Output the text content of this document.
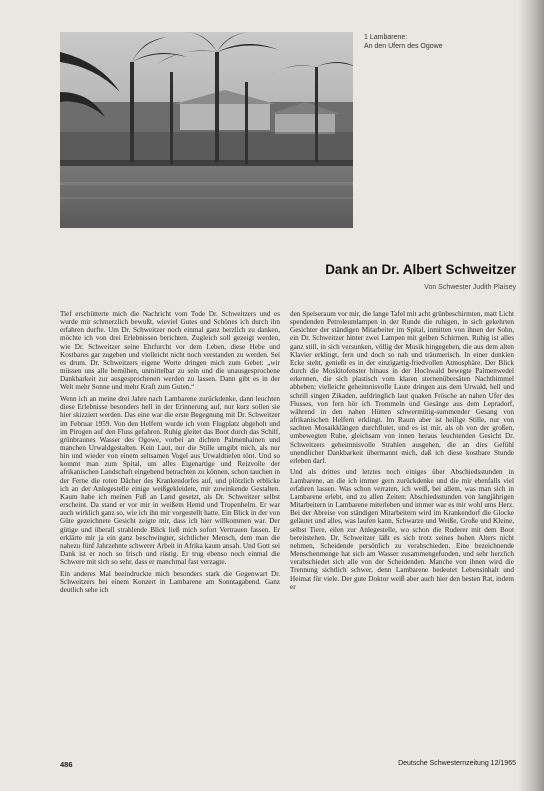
1 Lambarene:
An den Ufern des Ogowe
Dank an Dr. Albert Schweitzer
Von Schwester Judith Plaisey

Tief erschütterte mich die Nachricht vom Tode Dr. Schweitzers und es wurde mir schmerzlich bewußt, wieviel Gutes und Schönes ich durch ihn erfahren durfte. Um Dr. Schweitzer noch einmal ganz herzlich zu danken, möchte ich von drei Erlebnissen berichten. Zugleich soll gezeigt werden, wie Dr. Schweitzer seine Ehrfurcht vor dem Leben, diese Hebe und Kostbares gar zugeben und vielleicht nicht noch verstanden zu werden. Sei es drum. Dr. Schweitzers eigene Worte dringen mich zum Gebet: „wir müssen uns alle bemühen, unmittelbar zu sein und die unausgesprochene Dankbarkeit zur ausgesprochenen werden zu lassen. Dann gibt es in der Welt mehr Sonne und mehr Kraft zum Guten.“

Wenn ich an meine drei Jahre nach Lambarene zurückdenke, dann leuchten diese Erlebnisse besonders hell in der Erinnerung auf, nur kurz sollen sie hier skizziert werden. Das eine war die erste Begegnung mit Dr. Schweitzer im Februar 1959. Von den Helfern wurde ich vom Flugplatz abgeholt und im Pirogen auf den Fluss gefahren. Ruhig gleitet das Boot durch das Schilf, grünbraunes Wasser des Ogowe, vorbei an dichten Palmenhainen und manchen Urwaldgestalten. Kein Laut, nur die Stille umgibt mich, als nur hin und wieder von einem seltsamen Vogel aus Urwaldtiefen tönt. Und so kommt man zum Spital, um alles Eigenartige und Reizvolle der afrikanischen Landschaft eingehend betrachten zu können, schon tauchen in der Ferne die roten Dächer des Krankendorfes auf, und plötzlich erblicke ich an der Anlegestelle einige weißgekleidete, mir zuwinkende Gestalten. Kaum habe ich meinen Fuß an Land gesetzt, als Dr. Schweitzer selbst erscheint. Da stand er vor mir in weißem Hemd und Tropenhelm. Er war auch wirklich ganz so, wie ich ihn mir vorgestellt hatte. Ein Blick in der von Güte gezeichnete Gesicht zeigte mir, dass ich hier willkommen war. Der gütige und überall strahlende Blick ließ mich sofort Vertrauen fassen. Er erklärte mir ja ein ganz beschwingter, sichtlicher Mensch, dem man die nahezu fünf Jahrzehnte schwerer Arbeit in Afrika kaum ansah. Und Gott sei Dank ist er noch so frisch und rüstig. Er trug ebenso noch einmal die Schwere mit sich so sehr, dass er manchmal fast verzagte.

Ein anderes Mal beeindruckte mich besonders stark die Gegenwart Dr. Schweitzers bei einem Konzert in Lambarene am Sonntagabend. Ganz deutlich sehe ich

den Speiseraum vor mir, die lange Tafel mit acht grünbeschirmten, matt Licht spendenden Petroleumlampen in der Runde die ruhigen, in sich gekehrten Gesichter der ständigen Mitarbeiter im Spital, inmitten von ihnen der Sohn, ein Dr. Schweitzer hinter zwei Lampen mit gelben Schirmen. Ruhig ist alles ganz still, in sich versunken, völlig der Musik hingegeben, die aus dem alten Klavier erklingt, fern und doch so nah und träumerisch. In einer dunklen Ecke steht, genießt es in der einzigartig-friedvollen Atmosphäre. Der Blick durch die Moskitofenster hinaus in der Hochwald bewegte Palmenwedel erkennen, die sich plastisch vom klaren sternenübersäten Nachthimmel abheben; vielleicht geheimnisvolle Laute dringen aus dem Urwald, hell und schrill singen Zikaden, aufdringlich laut quaken Frösche an nahen Ufer des Flusses, von fern hör ich Trommeln und Gesänge aus dem Lepradorf, während in den nahen Hütten schwermütig-summender Gesang von afrikanischen Helfern erklingt. Im Raum aber ist heilige Stille, nur von sachten Mosaikklängen durchflutet, und es ist mir, als ob von der großen, umbewegten Ruhe, gleichsam von innen heraus leuchtenden Gesicht Dr. Schweitzers geheimnisvolle Strahlen ausgehen, die an dies Gefühl unendlicher Dankbarkeit übermannt mich, daß ich diese kostbare Stunde erleben darf.

Und als drittes und letztes noch einiges über Abschiedsstunden in Lambarene, an die ich immer gern zurückdenke und die mir ebenfalls viel erfahren lassen. Was schon verraten, ich weiß, bei allem, was man sich in Lambarene erlebt, und zu allen Zeiten: Abschiedsstunden von langjährigen Mitarbeitern in Lambarene miterleben und immer war es mir wohl ums Herz. Bei der Abreise von ständigen Mitarbeitern wird im Krankendorf die Glocke geläutet und alles, was laufen kann, Schwarze und Weiße, Große und Kleine, selbst Tiere, eilen zur Anlegestelle, wo schon die Ruderer mit dem Boot bereitstehen. Dr. Schweitzer läßt es sich trotz seines hohen Alters nicht nehmen, Scheidende persönlich zu verabschieden. Eine bezeichnende Menschenmenge hat sich am Wasser zusammengefunden, und sehr herzlich verabschiedet sich alle von der Scheidenden. Manche von ihnen wird die Trennung sichtlich schwer, denn Lambarene bedeutet Lebensinhalt und Heimat für viele. Der gute Doktor weiß aber auch hier den besten Rat, indem er

486	Deutsche Schwesternzeitung 12/1965
